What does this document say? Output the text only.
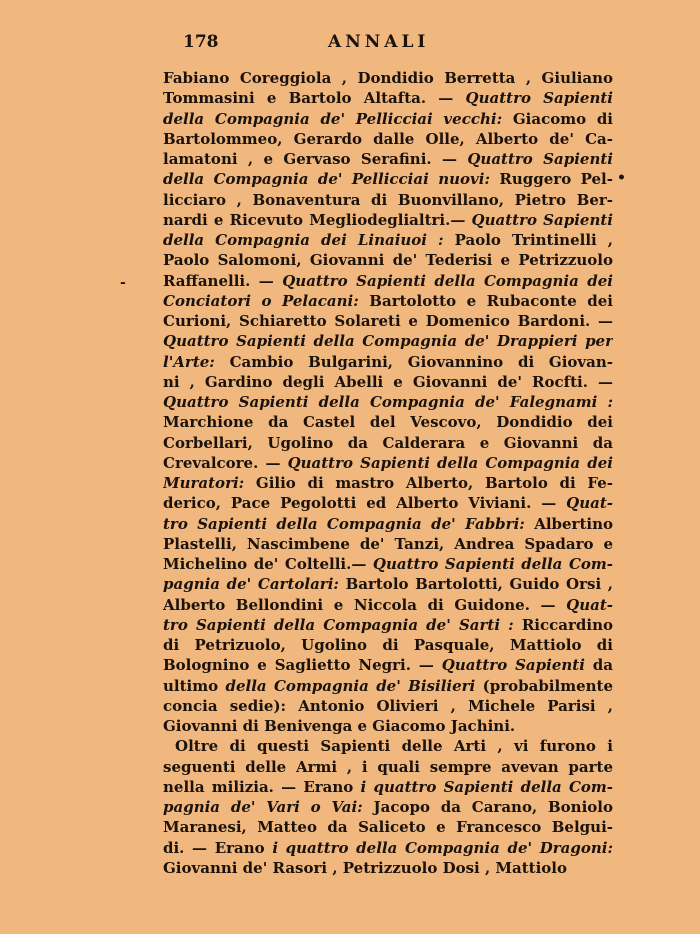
178	ANNALI
Fabiano Coreggiola , Dondidio Berretta , Giuliano
Tommasini e Bartolo Altafta. — Quattro Sapienti
della Compagnia de' Pellicciai vecchi: Giacomo di
Bartolommeo, Gerardo dalle Olle, Alberto de' Ca-
lamatoni , e Gervaso Serafini. — Quattro Sapienti
della Compagnia de' Pellicciai nuovi: Ruggero Pel-
licciaro , Bonaventura di Buonvillano, Pietro Ber-
nardi e Ricevuto Megliodeglialtri.— Quattro Sapienti
della Compagnia dei Linaiuoi : Paolo Trintinelli ,
Paolo Salomoni, Giovanni de' Tederisi e Petrizzuolo
Raffanelli. — Quattro Sapienti della Compagnia dei
Conciatori o Pelacani: Bartolotto e Rubaconte dei
Curioni, Schiaretto Solareti e Domenico Bardoni. —
Quattro Sapienti della Compagnia de' Drappieri per
l'Arte: Cambio Bulgarini, Giovannino di Giovan-
ni , Gardino degli Abelli e Giovanni de' Rocfti. —
Quattro Sapienti della Compagnia de' Falegnami :
Marchione da Castel del Vescovo, Dondidio dei
Corbellari, Ugolino da Calderara e Giovanni da
Crevalcore. — Quattro Sapienti della Compagnia dei
Muratori: Gilio di mastro Alberto, Bartolo di Fe-
derico, Pace Pegolotti ed Alberto Viviani. — Quat-
tro Sapienti della Compagnia de' Fabbri: Albertino
Plastelli, Nascimbene de' Tanzi, Andrea Spadaro e
Michelino de' Coltelli.— Quattro Sapienti della Com-
pagnia de' Cartolari: Bartolo Bartolotti, Guido Orsi ,
Alberto Bellondini e Niccola di Guidone. — Quat-
tro Sapienti della Compagnia de' Sarti : Riccardino
di Petrizuolo, Ugolino di Pasquale, Mattiolo di
Bolognino e Saglietto Negri. — Quattro Sapienti da
ultimo della Compagnia de' Bisilieri (probabilmente
concia sedie): Antonio Olivieri , Michele Parisi ,
Giovanni di Benivenga e Giacomo Jachini.
Oltre di questi Sapienti delle Arti , vi furono i
seguenti delle Armi , i quali sempre avevan parte
nella milizia. — Erano i quattro Sapienti della Com-
pagnia de' Vari o Vai: Jacopo da Carano, Boniolo
Maranesi, Matteo da Saliceto e Francesco Belgui-
di. — Erano i quattro della Compagnia de' Dragoni:
Giovanni de' Rasori , Petrizzuolo Dosi , Mattiolo
•
-
